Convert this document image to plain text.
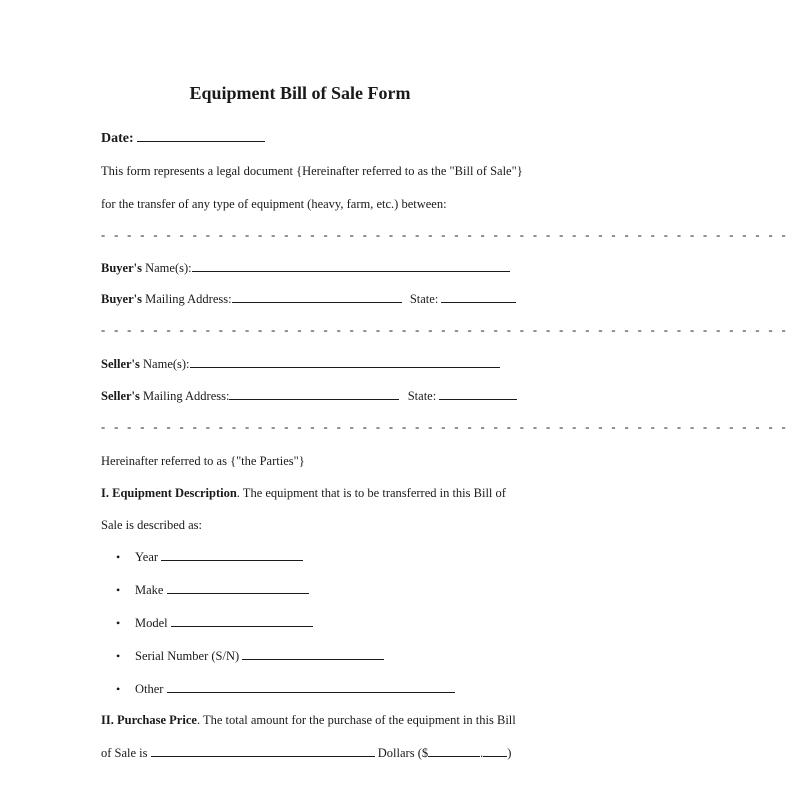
Equipment Bill of Sale Form
Date:
This form represents a legal document {Hereinafter referred to as the "Bill of Sale"}
for the transfer of any type of equipment (heavy, farm, etc.) between:
- - - - - - - - - - - - - - - - - - - - - - - - - - - - - - - - - - - - - - - - - - - - - - - - - - - - -
Buyer's Name(s):
Buyer's Mailing Address:	State:
- - - - - - - - - - - - - - - - - - - - - - - - - - - - - - - - - - - - - - - - - - - - - - - - - - - - -
Seller's Name(s):
Seller's Mailing Address:	State:
- - - - - - - - - - - - - - - - - - - - - - - - - - - - - - - - - - - - - - - - - - - - - - - - - - - - -
Hereinafter referred to as {"the Parties"}
I. Equipment Description. The equipment that is to be transferred in this Bill of
Sale is described as:
• Year
• Make
• Model
• Serial Number (S/N)
• Other
II. Purchase Price. The total amount for the purchase of the equipment in this Bill
of Sale is	Dollars ($	. )
